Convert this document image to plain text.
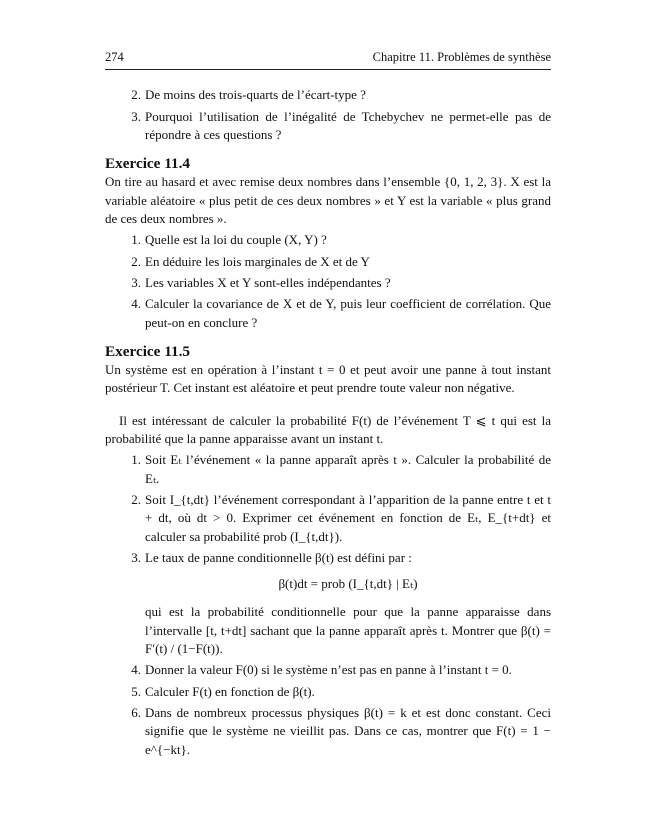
274	Chapitre 11. Problèmes de synthèse
2. De moins des trois-quarts de l’écart-type ?
3. Pourquoi l’utilisation de l’inégalité de Tchebychev ne permet-elle pas de répondre à ces questions ?
Exercice 11.4

On tire au hasard et avec remise deux nombres dans l’ensemble {0, 1, 2, 3}. X est la variable aléatoire « plus petit de ces deux nombres » et Y est la variable « plus grand de ces deux nombres ».

1. Quelle est la loi du couple (X, Y) ?
2. En déduire les lois marginales de X et de Y
3. Les variables X et Y sont-elles indépendantes ?
4. Calculer la covariance de X et de Y, puis leur coefficient de corrélation. Que peut-on en conclure ?
Exercice 11.5

Un système est en opération à l’instant t = 0 et peut avoir une panne à tout instant postérieur T. Cet instant est aléatoire et peut prendre toute valeur non négative.

Il est intéressant de calculer la probabilité F(t) de l’événement T ⩽ t qui est la probabilité que la panne apparaisse avant un instant t.

1. Soit Eₜ l’événement « la panne apparaît après t ». Calculer la probabilité de Eₜ.
2. Soit I_{t,dt} l’événement correspondant à l’apparition de la panne entre t et t + dt, où dt > 0. Exprimer cet événement en fonction de Eₜ, E_{t+dt} et calculer sa probabilité prob (I_{t,dt}).
3. Le taux de panne conditionnelle β(t) est défini par :
β(t)dt = prob (I_{t,dt} | Eₜ)
qui est la probabilité conditionnelle pour que la panne apparaisse dans l’intervalle [t, t+dt] sachant que la panne apparaît après t. Montrer que β(t) = F′(t) / (1−F(t)).
4. Donner la valeur F(0) si le système n’est pas en panne à l’instant t = 0.
5. Calculer F(t) en fonction de β(t).
6. Dans de nombreux processus physiques β(t) = k et est donc constant. Ceci signifie que le système ne vieillit pas. Dans ce cas, montrer que F(t) = 1 − e^{−kt}.
